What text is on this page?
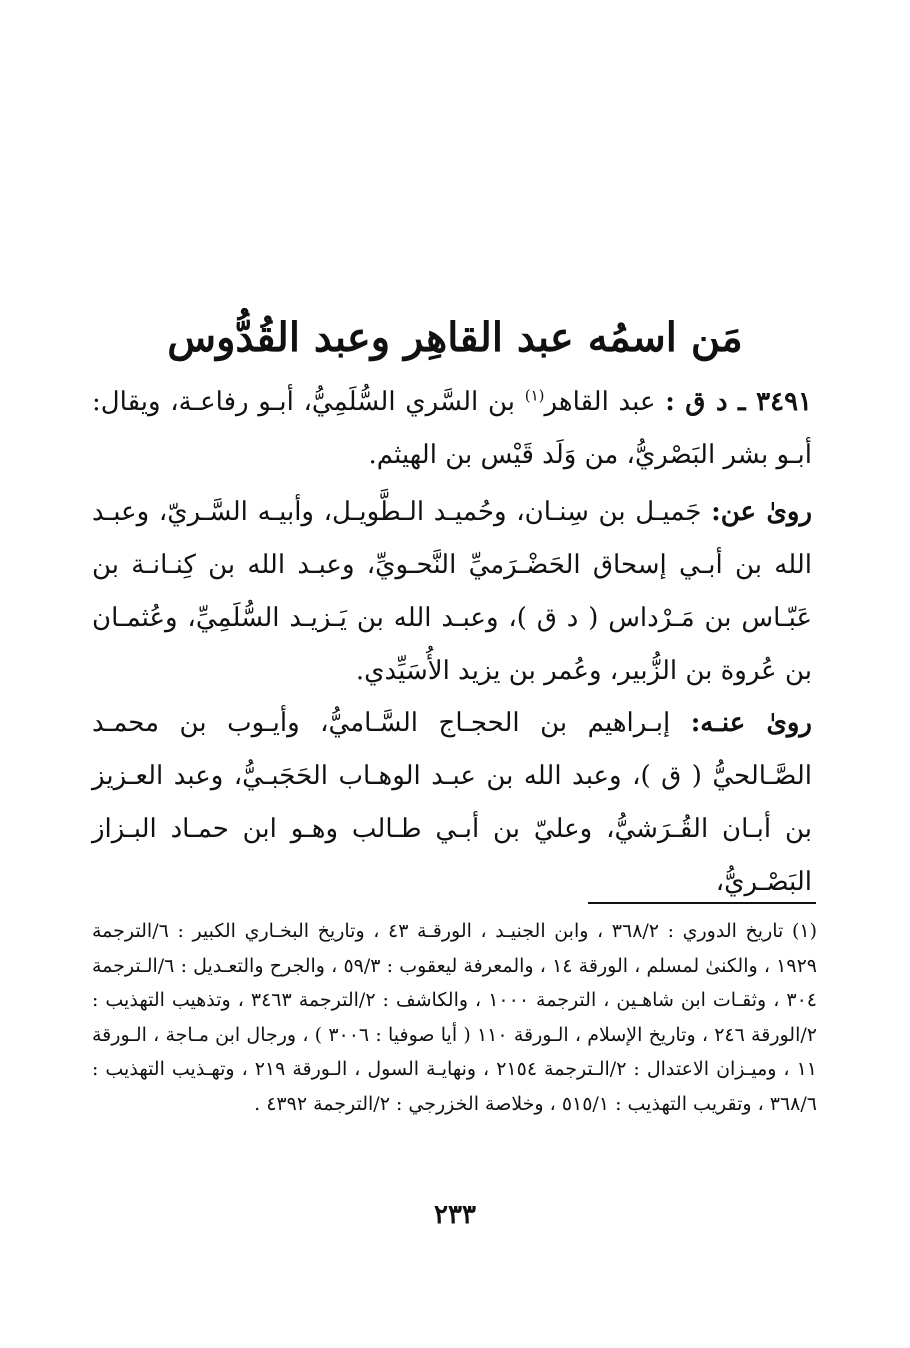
مَن اسمُه عبد القاهِر وعبد القُدُّوس

٣٤٩١ ـ د ق : عبد القاهر$^{(١)}$ بن السَّري السُّلَمِيُّ، أبـو رفاعـة، ويقال: أبـو بشر البَصْريُّ، من وَلَد قَيْس بن الهيثم.

روىٰ عن: جَميـل بن سِنـان، وحُميـد الـطَّويـل، وأبيـه السَّـريّ، وعبـد الله بن أبـي إسحاق الحَضْـرَميِّ النَّحـويِّ، وعبـد الله بن كِنـانـة بن عَبّـاس بن مَـرْداس ( د ق )، وعبـد الله بن يَـزيـد السُّلَمِيِّ، وعُثمـان بن عُروة بن الزُّبير، وعُمر بن يزيد الأُسَيِّدي.

روىٰ عنـه: إبـراهيم بن الحجـاج السَّـاميُّ، وأيـوب بن محمـد الصَّـالحيُّ ( ق )، وعبد الله بن عبـد الوهـاب الحَجَبـيُّ، وعبد العـزيز بن أبـان القُـرَشيُّ، وعليّ بن أبـي طـالب وهـو ابن حمـاد البـزاز البَصْـريُّ،

(١) تاريخ الدوري : ٣٦٨/٢ ، وابن الجنيـد ، الورقـة ٤٣ ، وتاريخ البخـاري الكبير : ٦/الترجمة ١٩٢٩ ، والكنىٰ لمسلم ، الورقة ١٤ ، والمعرفة ليعقوب : ٥٩/٣ ، والجرح والتعـديل : ٦/الـترجمة ٣٠٤ ، وثقـات ابن شاهـين ، الترجمة ١٠٠٠ ، والكاشف : ٢/الترجمة ٣٤٦٣ ، وتذهيب التهذيب : ٢/الورقة ٢٤٦ ، وتاريخ الإسلام ، الـورقة ١١٠ ( أيا صوفيا : ٣٠٠٦ ) ، ورجال ابن مـاجة ، الـورقة ١١ ، وميـزان الاعتدال : ٢/الـترجمة ٢١٥٤ ، ونهايـة السول ، الـورقة ٢١٩ ، وتهـذيب التهذيب : ٣٦٨/٦ ، وتقريب التهذيب : ٥١٥/١ ، وخلاصة الخزرجي : ٢/الترجمة ٤٣٩٢ .

٢٣٣
